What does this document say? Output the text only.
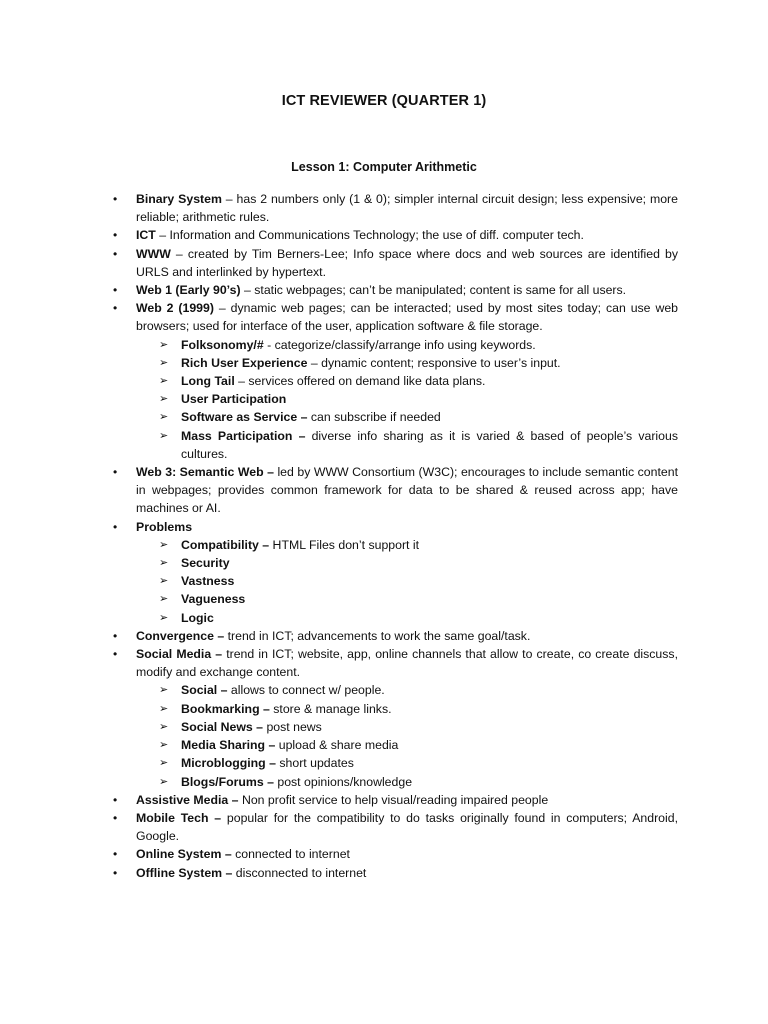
ICT REVIEWER (QUARTER 1)
Lesson 1: Computer Arithmetic
• Binary System – has 2 numbers only (1 & 0); simpler internal circuit design; less expensive; more reliable; arithmetic rules.
• ICT – Information and Communications Technology; the use of diff. computer tech.
• WWW – created by Tim Berners-Lee; Info space where docs and web sources are identified by URLS and interlinked by hypertext.
• Web 1 (Early 90’s) – static webpages; can’t be manipulated; content is same for all users.
• Web 2 (1999) – dynamic web pages; can be interacted; used by most sites today; can use web browsers; used for interface of the user, application software & file storage.
➢ Folksonomy/# - categorize/classify/arrange info using keywords.
➢ Rich User Experience – dynamic content; responsive to user’s input.
➢ Long Tail – services offered on demand like data plans.
➢ User Participation
➢ Software as Service – can subscribe if needed
➢ Mass Participation – diverse info sharing as it is varied & based of people’s various cultures.
• Web 3: Semantic Web – led by WWW Consortium (W3C); encourages to include semantic content in webpages; provides common framework for data to be shared & reused across app; have machines or AI.
• Problems
➢ Compatibility – HTML Files don’t support it
➢ Security
➢ Vastness
➢ Vagueness
➢ Logic
• Convergence – trend in ICT; advancements to work the same goal/task.
• Social Media – trend in ICT; website, app, online channels that allow to create, co create discuss, modify and exchange content.
➢ Social – allows to connect w/ people.
➢ Bookmarking – store & manage links.
➢ Social News – post news
➢ Media Sharing – upload & share media
➢ Microblogging – short updates
➢ Blogs/Forums – post opinions/knowledge
• Assistive Media – Non profit service to help visual/reading impaired people
• Mobile Tech – popular for the compatibility to do tasks originally found in computers; Android, Google.
• Online System – connected to internet
• Offline System – disconnected to internet
